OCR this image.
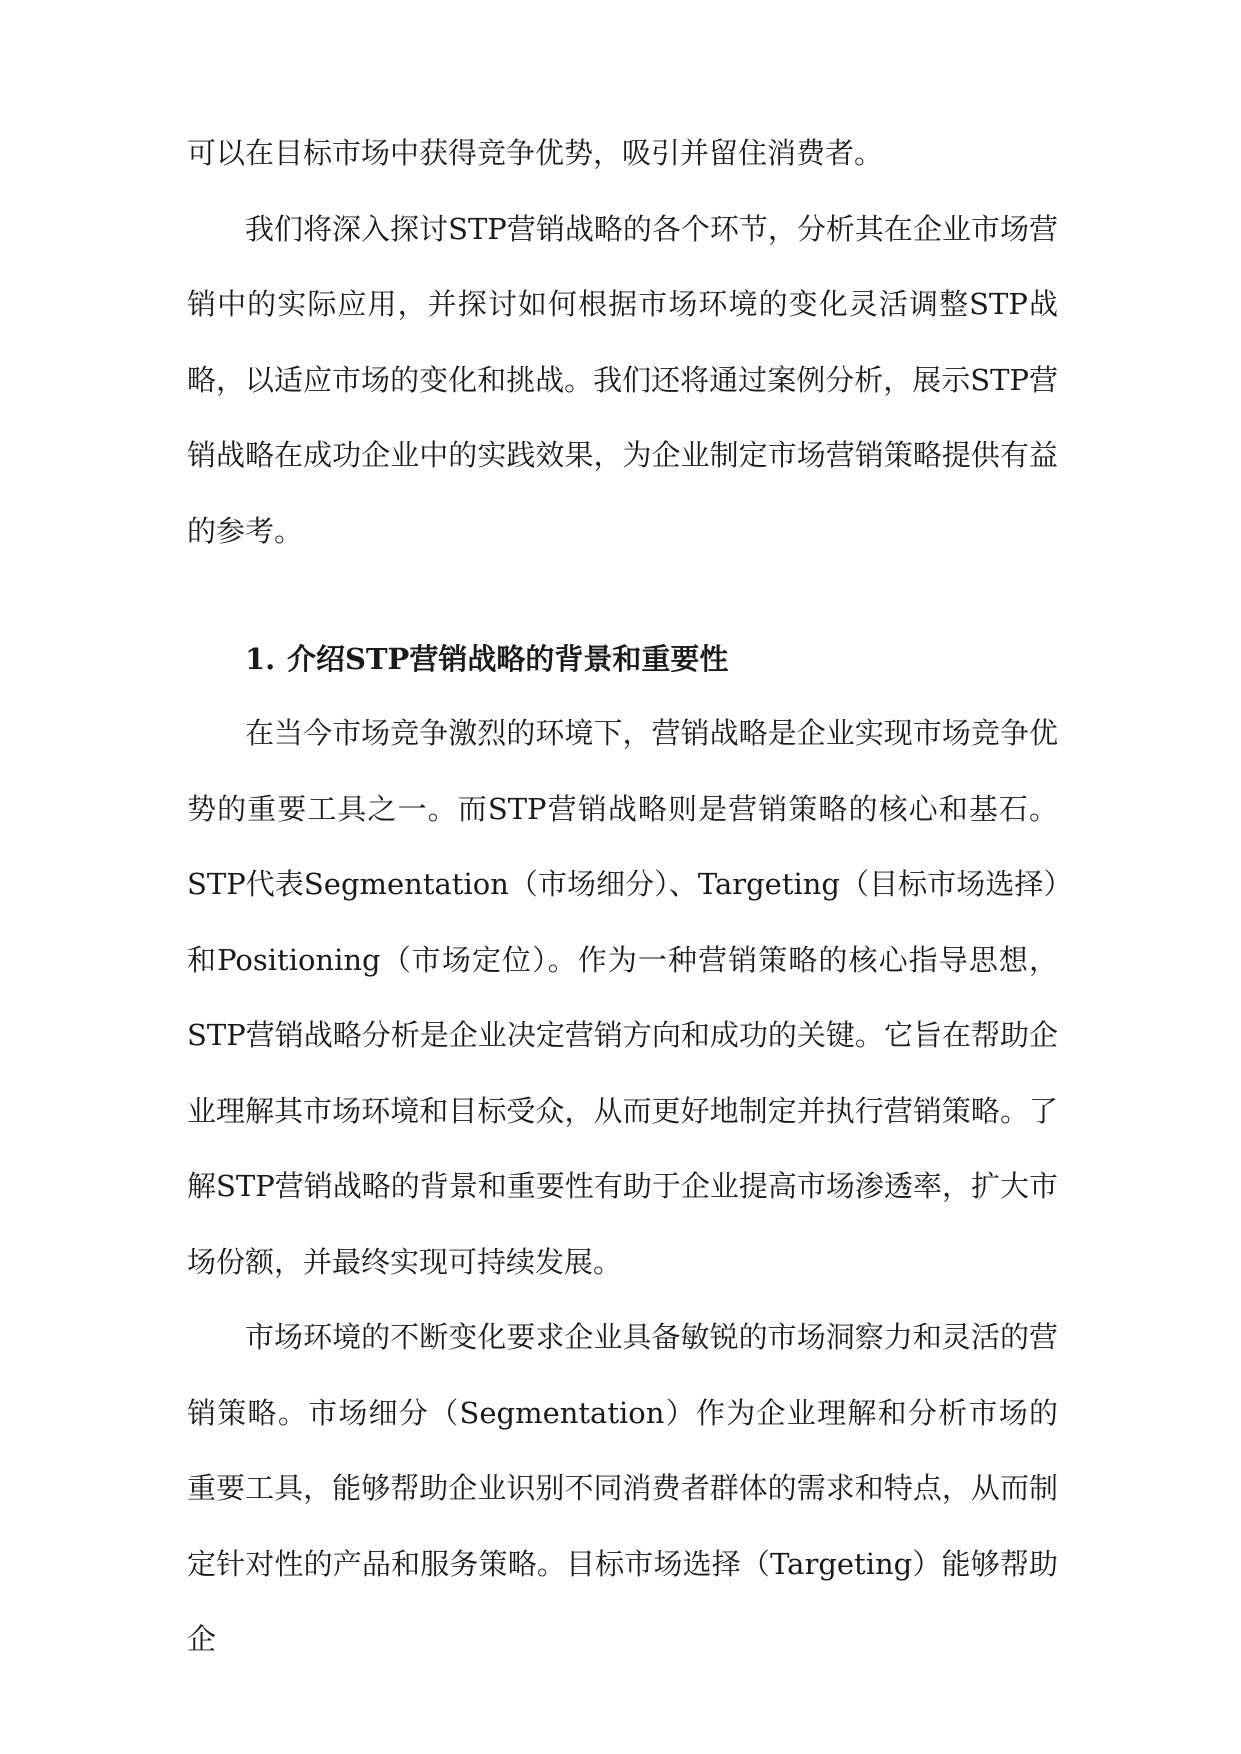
可以在目标市场中获得竞争优势，吸引并留住消费者。

我们将深入探讨STP营销战略的各个环节，分析其在企业市场营销中的实际应用，并探讨如何根据市场环境的变化灵活调整STP战略，以适应市场的变化和挑战。我们还将通过案例分析，展示STP营销战略在成功企业中的实践效果，为企业制定市场营销策略提供有益的参考。

1. 介绍STP营销战略的背景和重要性

在当今市场竞争激烈的环境下，营销战略是企业实现市场竞争优势的重要工具之一。而STP营销战略则是营销策略的核心和基石。STP代表Segmentation（市场细分）、Targeting（目标市场选择）和Positioning（市场定位）。作为一种营销策略的核心指导思想，STP营销战略分析是企业决定营销方向和成功的关键。它旨在帮助企业理解其市场环境和目标受众，从而更好地制定并执行营销策略。了解STP营销战略的背景和重要性有助于企业提高市场渗透率，扩大市场份额，并最终实现可持续发展。

市场环境的不断变化要求企业具备敏锐的市场洞察力和灵活的营销策略。市场细分（Segmentation）作为企业理解和分析市场的重要工具，能够帮助企业识别不同消费者群体的需求和特点，从而制定针对性的产品和服务策略。目标市场选择（Targeting）能够帮助企
